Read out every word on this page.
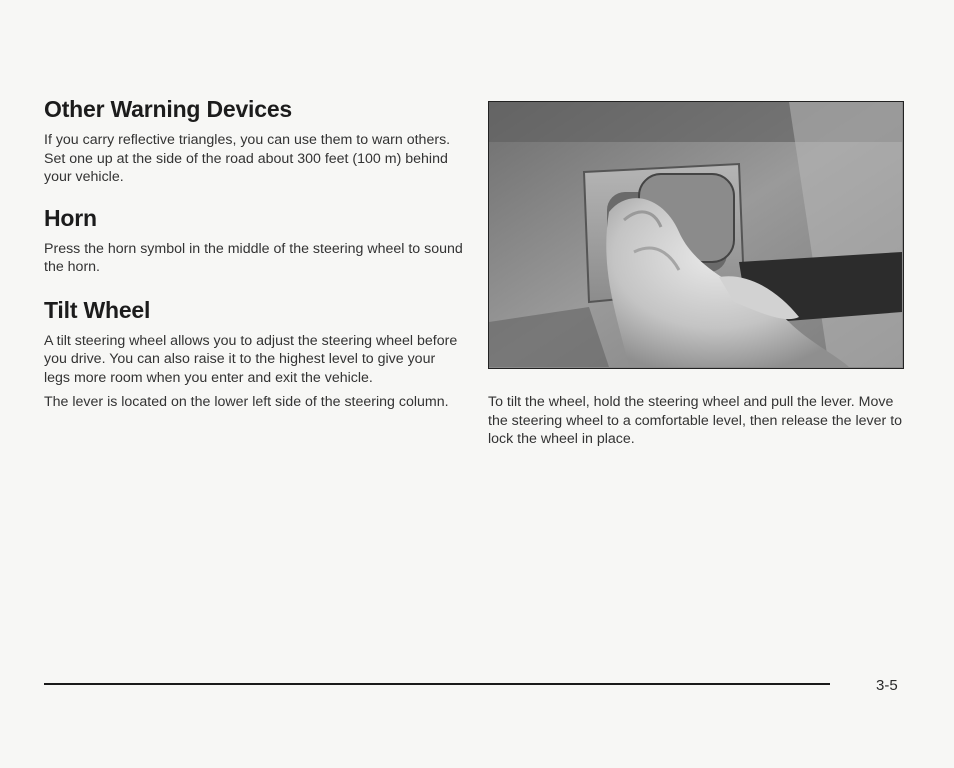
Other Warning Devices

If you carry reflective triangles, you can use them to warn others. Set one up at the side of the road about 300 feet (100 m) behind your vehicle.

Horn

Press the horn symbol in the middle of the steering wheel to sound the horn.

Tilt Wheel

A tilt steering wheel allows you to adjust the steering wheel before you drive. You can also raise it to the highest level to give your legs more room when you enter and exit the vehicle.

The lever is located on the lower left side of the steering column.	To tilt the wheel, hold the steering wheel and pull the lever. Move the steering wheel to a comfortable level, then release the lever to lock the wheel in place.

3-5
